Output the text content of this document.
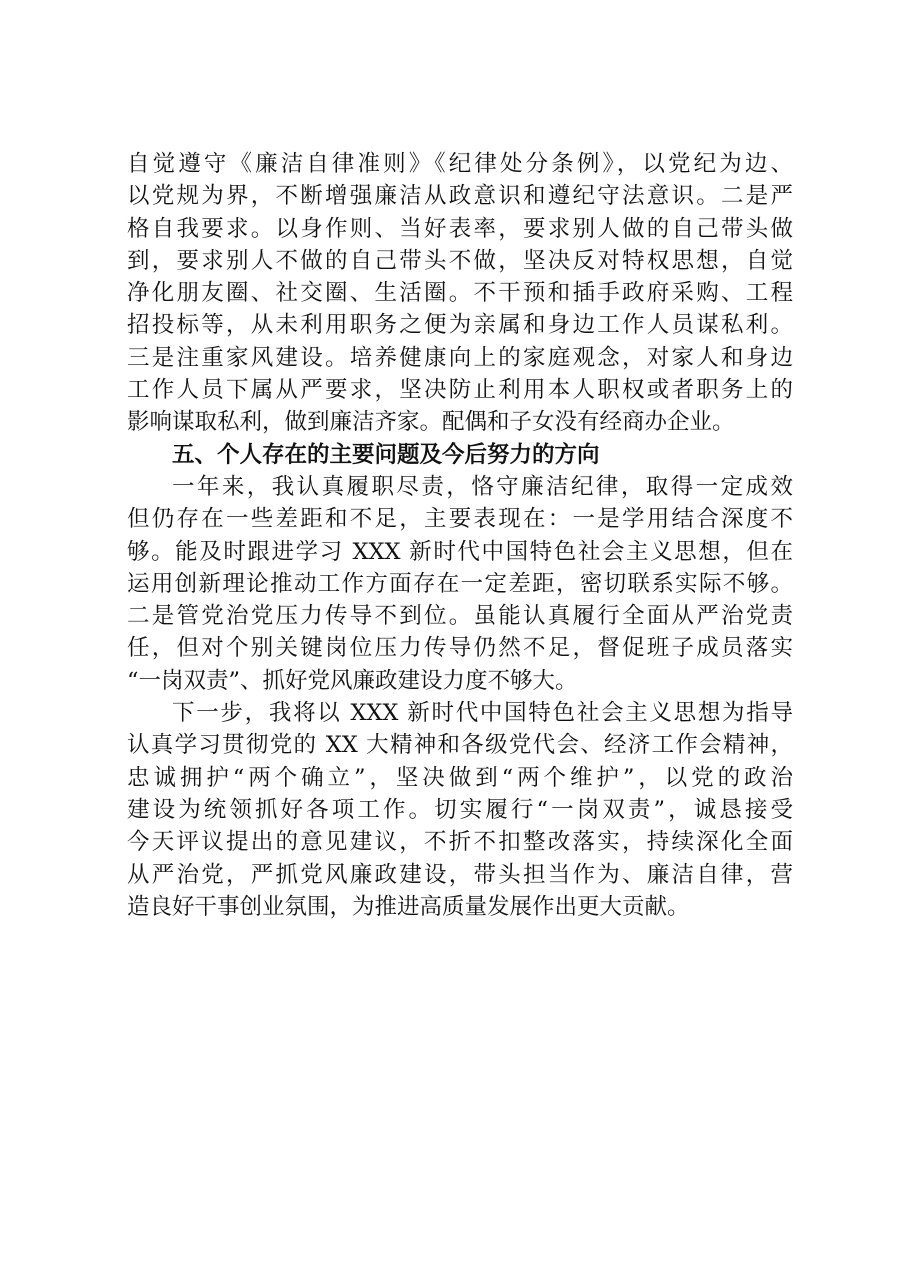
自觉遵守《廉洁自律准则》《纪律处分条例》，以党纪为边、
以党规为界，不断增强廉洁从政意识和遵纪守法意识。二是严
格自我要求。以身作则、当好表率，要求别人做的自己带头做
到，要求别人不做的自己带头不做，坚决反对特权思想，自觉
净化朋友圈、社交圈、生活圈。不干预和插手政府采购、工程
招投标等，从未利用职务之便为亲属和身边工作人员谋私利。
三是注重家风建设。培养健康向上的家庭观念，对家人和身边
工作人员下属从严要求，坚决防止利用本人职权或者职务上的
影响谋取私利，做到廉洁齐家。配偶和子女没有经商办企业。
五、个人存在的主要问题及今后努力的方向
一年来，我认真履职尽责，恪守廉洁纪律，取得一定成效
但仍存在一些差距和不足，主要表现在：一是学用结合深度不
够。能及时跟进学习 XXX 新时代中国特色社会主义思想，但在
运用创新理论推动工作方面存在一定差距，密切联系实际不够。
二是管党治党压力传导不到位。虽能认真履行全面从严治党责
任，但对个别关键岗位压力传导仍然不足，督促班子成员落实
“一岗双责”、抓好党风廉政建设力度不够大。
下一步，我将以 XXX 新时代中国特色社会主义思想为指导
认真学习贯彻党的 XX 大精神和各级党代会、经济工作会精神，
忠诚拥护“两个确立”，坚决做到“两个维护”，以党的政治
建设为统领抓好各项工作。切实履行“一岗双责”，诚恳接受
今天评议提出的意见建议，不折不扣整改落实，持续深化全面
从严治党，严抓党风廉政建设，带头担当作为、廉洁自律，营
造良好干事创业氛围，为推进高质量发展作出更大贡献。
